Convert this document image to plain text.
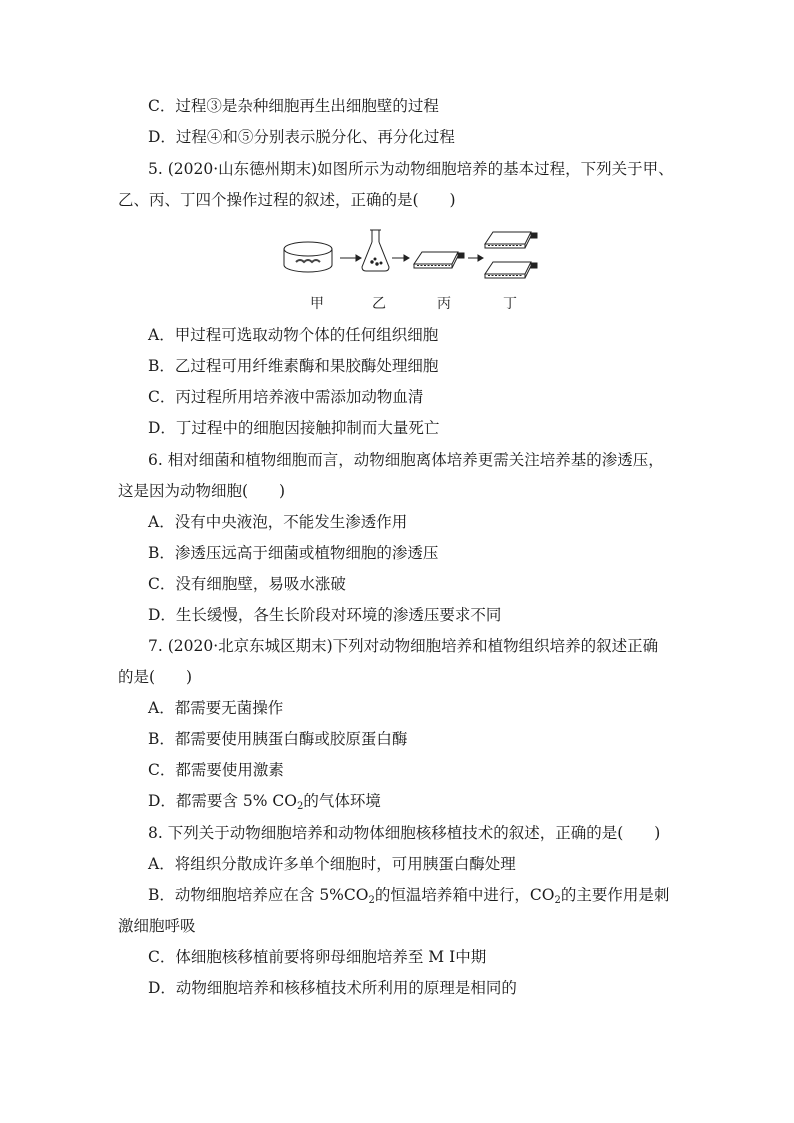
C．过程③是杂种细胞再生出细胞壁的过程
D．过程④和⑤分别表示脱分化、再分化过程
5. (2020·山东德州期末)如图所示为动物细胞培养的基本过程，下列关于甲、
乙、丙、丁四个操作过程的叙述，正确的是(　　)
甲	乙	丙	丁
A．甲过程可选取动物个体的任何组织细胞
B．乙过程可用纤维素酶和果胶酶处理细胞
C．丙过程所用培养液中需添加动物血清
D．丁过程中的细胞因接触抑制而大量死亡
6. 相对细菌和植物细胞而言，动物细胞离体培养更需关注培养基的渗透压，
这是因为动物细胞(　　)
A．没有中央液泡，不能发生渗透作用
B．渗透压远高于细菌或植物细胞的渗透压
C．没有细胞壁，易吸水涨破
D．生长缓慢，各生长阶段对环境的渗透压要求不同
7. (2020·北京东城区期末)下列对动物细胞培养和植物组织培养的叙述正确
的是(　　)
A．都需要无菌操作
B．都需要使用胰蛋白酶或胶原蛋白酶
C．都需要使用激素
D．都需要含 5% $CO_2$的气体环境
8. 下列关于动物细胞培养和动物体细胞核移植技术的叙述，正确的是(　　)
A．将组织分散成许多单个细胞时，可用胰蛋白酶处理
B．动物细胞培养应在含 $5\%CO_2$的恒温培养箱中进行，$CO_2$的主要作用是刺
激细胞呼吸
C．体细胞核移植前要将卵母细胞培养至 M Ⅰ中期
D．动物细胞培养和核移植技术所利用的原理是相同的
